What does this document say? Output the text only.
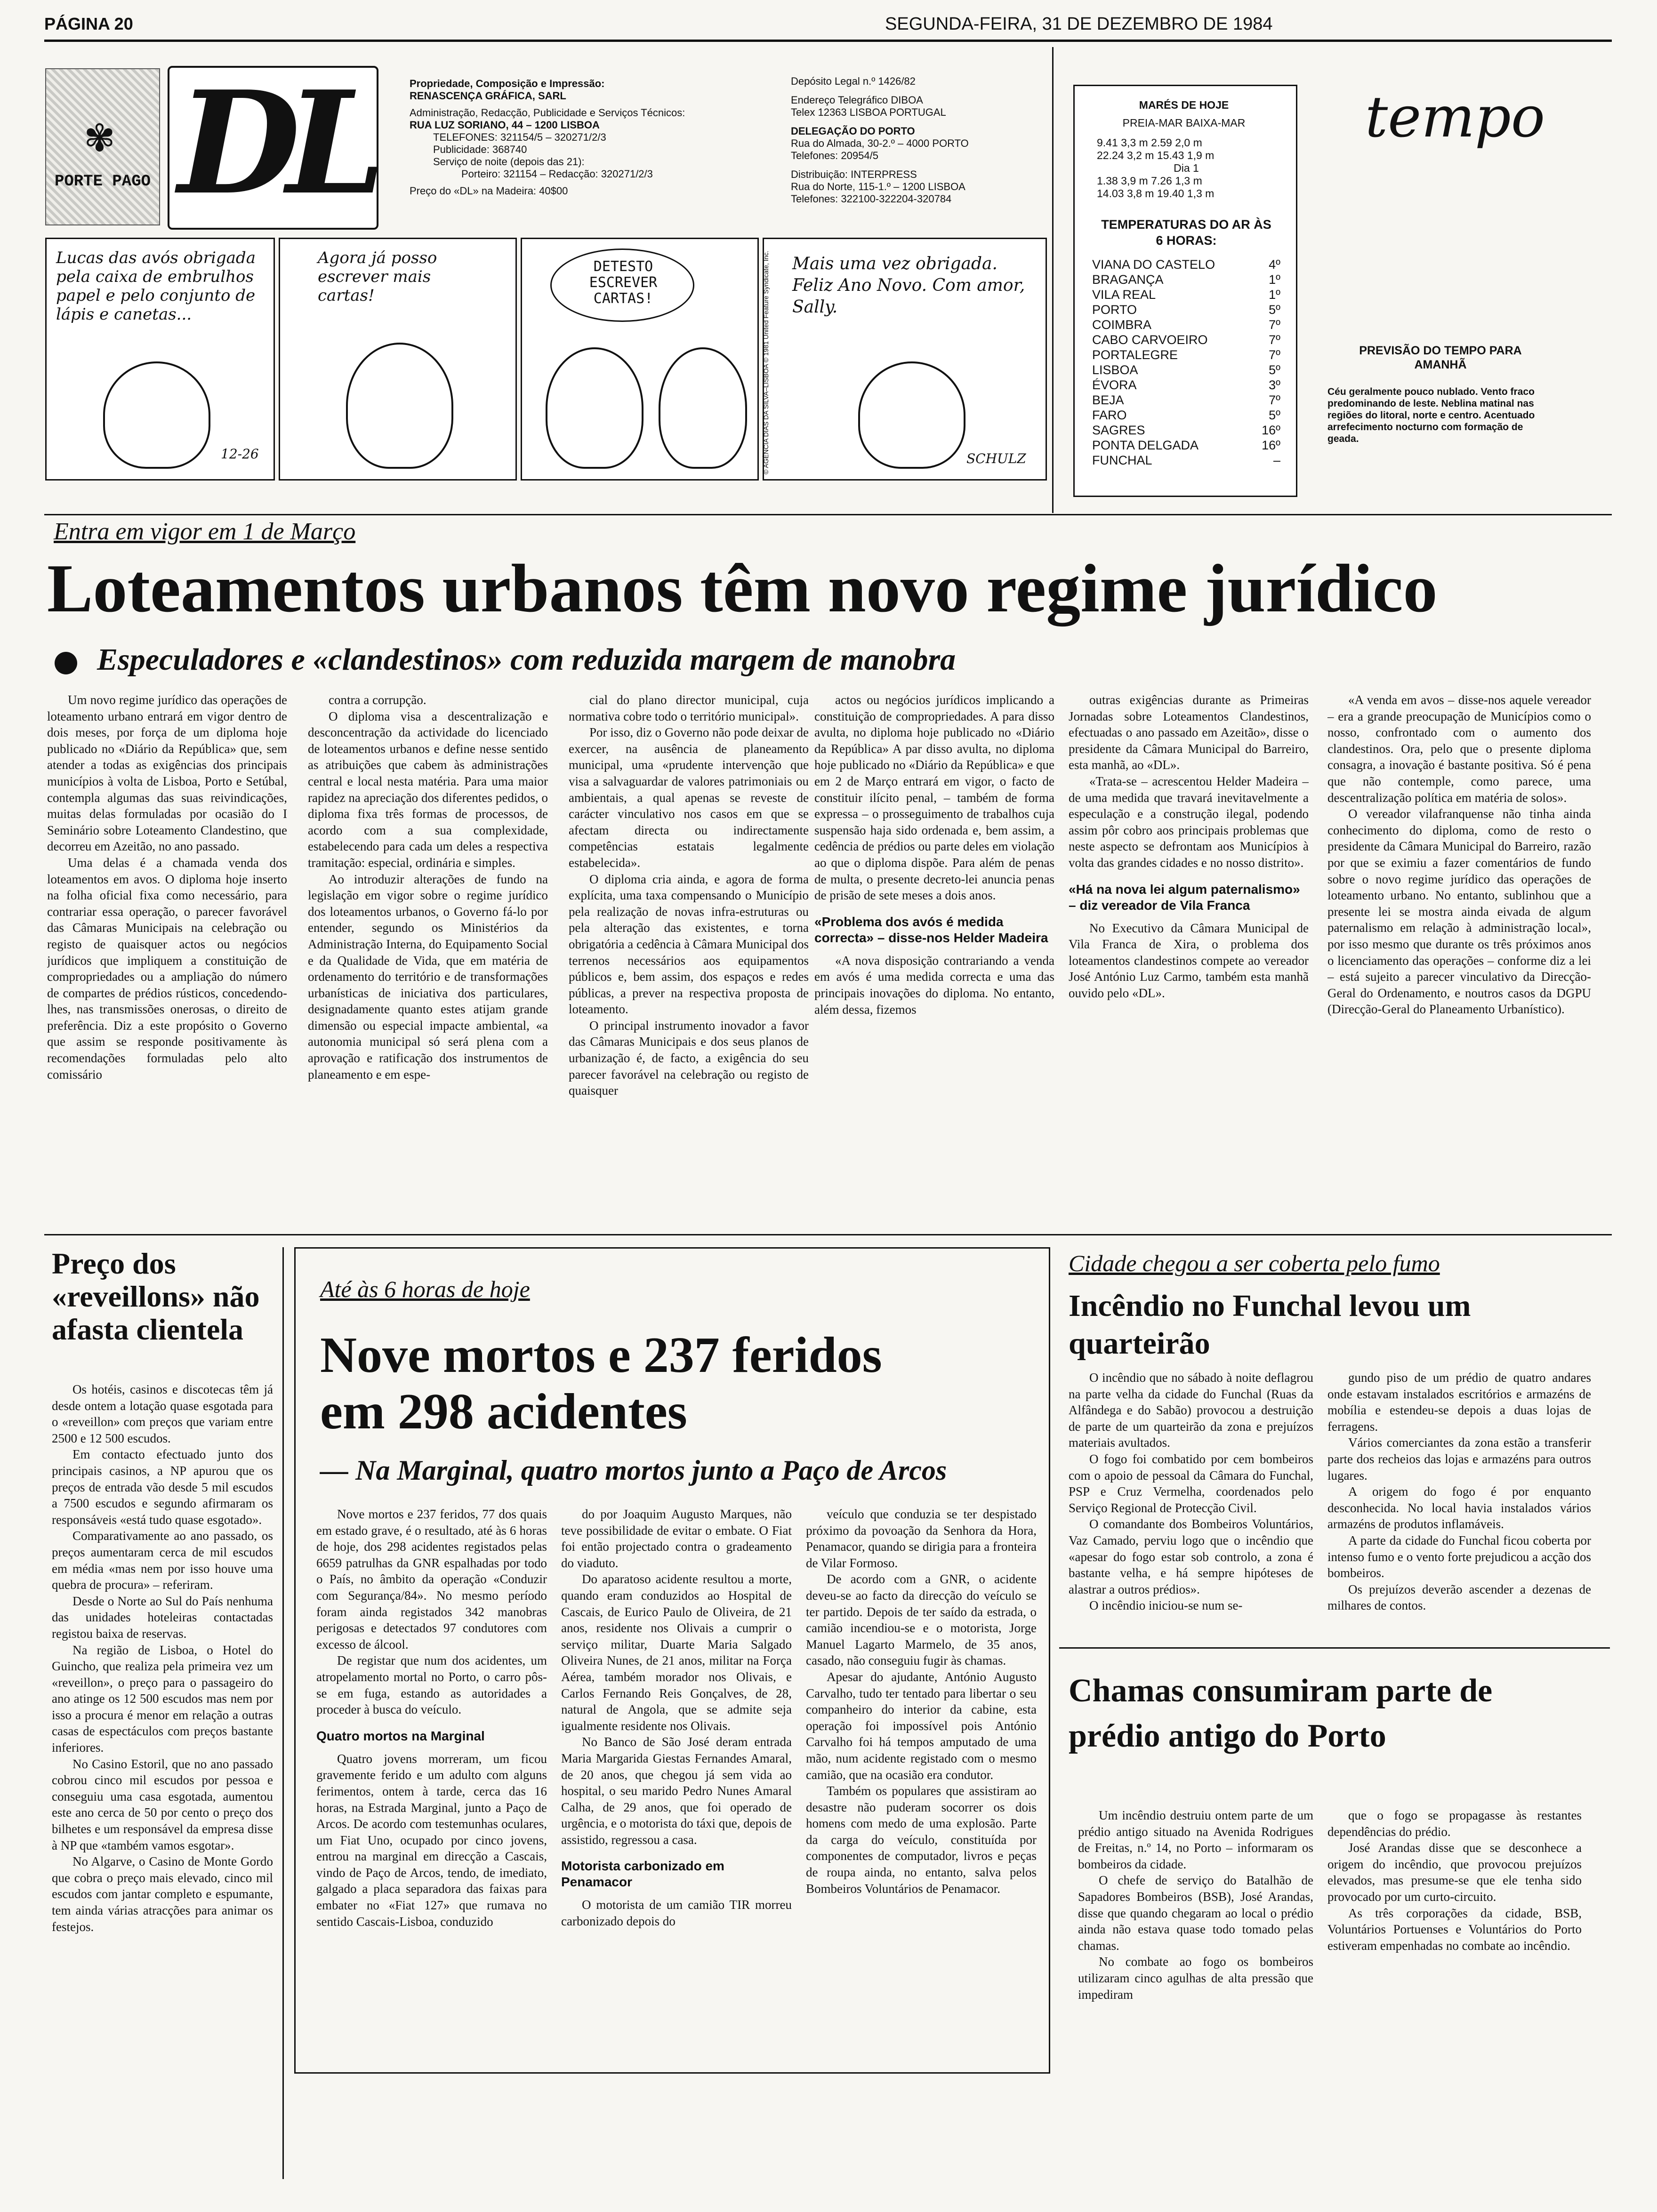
PÁGINA 20	SEGUNDA-FEIRA, 31 DE DEZEMBRO DE 1984
✾
PORTE PAGO DL	Propriedade, Composição e Impressão:
RENASCENÇA GRÁFICA, SARL
Administração, Redacção, Publicidade e Serviços Técnicos:
RUA LUZ SORIANO, 44 – 1200 LISBOA
TELEFONES: 321154/5 – 320271/2/3
Publicidade: 368740
Serviço de noite (depois das 21):
Porteiro: 321154 – Redacção: 320271/2/3
Preço do «DL» na Madeira: 40$00
Depósito Legal n.º 1426/82
Endereço Telegráfico DIBOA
Telex 12363 LISBOA PORTUGAL
DELEGAÇÃO DO PORTO
Rua do Almada, 30-2.º – 4000 PORTO
Telefones: 20954/5
Distribuição: INTERPRESS
Rua do Norte, 115-1.º – 1200 LISBOA
Telefones: 322100-322204-320784
Lucas das avós obrigada pela caixa de embrulhos papel e pelo conjunto de lápis e canetas...
12-26
Agora já posso escrever mais cartas!
DETESTO ESCREVER CARTAS!
Mais uma vez obrigada. Feliz Ano Novo. Com amor, Sally.
SCHULZ
© AGÊNCIA DIAS DA SILVA–LISBOA © 1981 United Feature Syndicate, Inc.
MARÉS DE HOJE
PREIA-MAR BAIXA-MAR
9.41 3,3 m 2.59 2,0 m
22.24 3,2 m 15.43 1,9 m
Dia 1
1.38 3,9 m 7.26 1,3 m
14.03 3,8 m 19.40 1,3 m
TEMPERATURAS DO AR ÀS 6 HORAS:
VIANA DO CASTELO	4º
BRAGANÇA	1º
VILA REAL	1º
PORTO	5º
COIMBRA	7º
CABO CARVOEIRO	7º
PORTALEGRE	7º
LISBOA	5º
ÉVORA	3º
BEJA	7º
FARO	5º
SAGRES	16º
PONTA DELGADA	16º
FUNCHAL	–
tempo
PREVISÃO DO TEMPO PARA AMANHÃ
Céu geralmente pouco nublado. Vento fraco predominando de leste. Neblina matinal nas regiões do litoral, norte e centro. Acentuado arrefecimento nocturno com formação de geada.
Entra em vigor em 1 de Março
Loteamentos urbanos têm novo regime jurídico
Especuladores e «clandestinos» com reduzida margem de manobra

Um novo regime jurídico das operações de loteamento urbano entrará em vigor dentro de dois meses, por força de um diploma hoje publicado no «Diário da República» que, sem atender a todas as exigências dos principais municípios à volta de Lisboa, Porto e Setúbal, contempla algumas das suas reivindicações, muitas delas formuladas por ocasião do I Seminário sobre Loteamento Clandestino, que decorreu em Azeitão, no ano passado.

Uma delas é a chamada venda dos loteamentos em avos. O diploma hoje inserto na folha oficial fixa como necessário, para contrariar essa operação, o parecer favorável das Câmaras Municipais na celebração ou registo de quaisquer actos ou negócios jurídicos que impliquem a constituição de compropriedades ou a ampliação do número de compartes de prédios rústicos, concedendo-lhes, nas transmissões onerosas, o direito de preferência. Diz a este propósito o Governo que assim se responde positivamente às recomendações formuladas pelo alto comissário

contra a corrupção.

O diploma visa a descentralização e desconcentração da actividade do licenciado de loteamentos urbanos e define nesse sentido as atribuições que cabem às administrações central e local nesta matéria. Para uma maior rapidez na apreciação dos diferentes pedidos, o diploma fixa três formas de processos, de acordo com a sua complexidade, estabelecendo para cada um deles a respectiva tramitação: especial, ordinária e simples.

Ao introduzir alterações de fundo na legislação em vigor sobre o regime jurídico dos loteamentos urbanos, o Governo fá-lo por entender, segundo os Ministérios da Administração Interna, do Equipamento Social e da Qualidade de Vida, que em matéria de ordenamento do território e de transformações urbanísticas de iniciativa dos particulares, designadamente quanto estes atijam grande dimensão ou especial impacte ambiental, «a autonomia municipal só será plena com a aprovação e ratificação dos instrumentos de planeamento e em espe-

cial do plano director municipal, cuja normativa cobre todo o território municipal».

Por isso, diz o Governo não pode deixar de exercer, na ausência de planeamento municipal, uma «prudente intervenção que visa a salvaguardar de valores patrimoniais ou ambientais, a qual apenas se reveste de carácter vinculativo nos casos em que se afectam directa ou indirectamente competências estatais legalmente estabelecida».

O diploma cria ainda, e agora de forma explícita, uma taxa compensando o Município pela realização de novas infra-estruturas ou pela alteração das existentes, e torna obrigatória a cedência à Câmara Municipal dos terrenos necessários aos equipamentos públicos e, bem assim, dos espaços e redes públicas, a prever na respectiva proposta de loteamento.

O principal instrumento inovador a favor das Câmaras Municipais e dos seus planos de urbanização é, de facto, a exigência do seu parecer favorável na celebração ou registo de quaisquer

actos ou negócios jurídicos implicando a constituição de compropriedades. A para disso avulta, no diploma hoje publicado no «Diário da República» A par disso avulta, no diploma hoje publicado no «Diário da República» e que em 2 de Março entrará em vigor, o facto de constituir ilícito penal, – também de forma expressa – o prosseguimento de trabalhos cuja suspensão haja sido ordenada e, bem assim, a cedência de prédios ou parte deles em violação ao que o diploma dispõe. Para além de penas de multa, o presente decreto-lei anuncia penas de prisão de sete meses a dois anos.

«Problema dos avós é medida correcta» – disse-nos Helder Madeira

«A nova disposição contrariando a venda em avós é uma medida correcta e uma das principais inovações do diploma. No entanto, além dessa, fizemos

outras exigências durante as Primeiras Jornadas sobre Loteamentos Clandestinos, efectuadas o ano passado em Azeitão», disse o presidente da Câmara Municipal do Barreiro, esta manhã, ao «DL».

«Trata-se – acrescentou Helder Madeira – de uma medida que travará inevitavelmente a especulação e a construção ilegal, podendo assim pôr cobro aos principais problemas que neste aspecto se defrontam aos Municípios à volta das grandes cidades e no nosso distrito».

«Há na nova lei algum paternalismo» – diz vereador de Vila Franca

No Executivo da Câmara Municipal de Vila Franca de Xira, o problema dos loteamentos clandestinos compete ao vereador José António Luz Carmo, também esta manhã ouvido pelo «DL».

«A venda em avos – disse-nos aquele vereador – era a grande preocupação de Municípios como o nosso, confrontado com o aumento dos clandestinos. Ora, pelo que o presente diploma consagra, a inovação é bastante positiva. Só é pena que não contemple, como parece, uma descentralização política em matéria de solos».

O vereador vilafranquense não tinha ainda conhecimento do diploma, como de resto o presidente da Câmara Municipal do Barreiro, razão por que se eximiu a fazer comentários de fundo sobre o novo regime jurídico das operações de loteamento urbano. No entanto, sublinhou que a presente lei se mostra ainda eivada de algum paternalismo em relação à administração local», por isso mesmo que durante os três próximos anos o licenciamento das operações – conforme diz a lei – está sujeito a parecer vinculativo da Direcção-Geral do Ordenamento, e noutros casos da DGPU (Direcção-Geral do Planeamento Urbanístico).

Preço dos «reveillons» não afasta clientela

Os hotéis, casinos e discotecas têm já desde ontem a lotação quase esgotada para o «reveillon» com preços que variam entre 2500 e 12 500 escudos.

Em contacto efectuado junto dos principais casinos, a NP apurou que os preços de entrada vão desde 5 mil escudos a 7500 escudos e segundo afirmaram os responsáveis «está tudo quase esgotado».

Comparativamente ao ano passado, os preços aumentaram cerca de mil escudos em média «mas nem por isso houve uma quebra de procura» – referiram.

Desde o Norte ao Sul do País nenhuma das unidades hoteleiras contactadas registou baixa de reservas.

Na região de Lisboa, o Hotel do Guincho, que realiza pela primeira vez um «reveillon», o preço para o passageiro do ano atinge os 12 500 escudos mas nem por isso a procura é menor em relação a outras casas de espectáculos com preços bastante inferiores.

No Casino Estoril, que no ano passado cobrou cinco mil escudos por pessoa e conseguiu uma casa esgotada, aumentou este ano cerca de 50 por cento o preço dos bilhetes e um responsável da empresa disse à NP que «também vamos esgotar».

No Algarve, o Casino de Monte Gordo que cobra o preço mais elevado, cinco mil escudos com jantar completo e espumante, tem ainda várias atracções para animar os festejos.

Até às 6 horas de hoje
Nove mortos e 237 feridos em 298 acidentes
— Na Marginal, quatro mortos junto a Paço de Arcos

Nove mortos e 237 feridos, 77 dos quais em estado grave, é o resultado, até às 6 horas de hoje, dos 298 acidentes registados pelas 6659 patrulhas da GNR espalhadas por todo o País, no âmbito da operação «Conduzir com Segurança/84». No mesmo período foram ainda registados 342 manobras perigosas e detectados 97 condutores com excesso de álcool.

De registar que num dos acidentes, um atropelamento mortal no Porto, o carro pôs-se em fuga, estando as autoridades a proceder à busca do veículo.

Quatro mortos na Marginal

Quatro jovens morreram, um ficou gravemente ferido e um adulto com alguns ferimentos, ontem à tarde, cerca das 16 horas, na Estrada Marginal, junto a Paço de Arcos. De acordo com testemunhas oculares, um Fiat Uno, ocupado por cinco jovens, entrou na marginal em direcção a Cascais, vindo de Paço de Arcos, tendo, de imediato, galgado a placa separadora das faixas para embater no «Fiat 127» que rumava no sentido Cascais-Lisboa, conduzido

do por Joaquim Augusto Marques, não teve possibilidade de evitar o embate. O Fiat foi então projectado contra o gradeamento do viaduto.

Do aparatoso acidente resultou a morte, quando eram conduzidos ao Hospital de Cascais, de Eurico Paulo de Oliveira, de 21 anos, residente nos Olivais a cumprir o serviço militar, Duarte Maria Salgado Oliveira Nunes, de 21 anos, militar na Força Aérea, também morador nos Olivais, e Carlos Fernando Reis Gonçalves, de 28, natural de Angola, que se admite seja igualmente residente nos Olivais.

No Banco de São José deram entrada Maria Margarida Giestas Fernandes Amaral, de 20 anos, que chegou já sem vida ao hospital, o seu marido Pedro Nunes Amaral Calha, de 29 anos, que foi operado de urgência, e o motorista do táxi que, depois de assistido, regressou a casa.

Motorista carbonizado em Penamacor

O motorista de um camião TIR morreu carbonizado depois do

veículo que conduzia se ter despistado próximo da povoação da Senhora da Hora, Penamacor, quando se dirigia para a fronteira de Vilar Formoso.

De acordo com a GNR, o acidente deveu-se ao facto da direcção do veículo se ter partido. Depois de ter saído da estrada, o camião incendiou-se e o motorista, Jorge Manuel Lagarto Marmelo, de 35 anos, casado, não conseguiu fugir às chamas.

Apesar do ajudante, António Augusto Carvalho, tudo ter tentado para libertar o seu companheiro do interior da cabine, esta operação foi impossível pois António Carvalho foi há tempos amputado de uma mão, num acidente registado com o mesmo camião, que na ocasião era condutor.

Também os populares que assistiram ao desastre não puderam socorrer os dois homens com medo de uma explosão. Parte da carga do veículo, constituída por componentes de computador, livros e peças de roupa ainda, no entanto, salva pelos Bombeiros Voluntários de Penamacor.

Cidade chegou a ser coberta pelo fumo
Incêndio no Funchal levou um quarteirão

O incêndio que no sábado à noite deflagrou na parte velha da cidade do Funchal (Ruas da Alfândega e do Sabão) provocou a destruição de parte de um quarteirão da zona e prejuízos materiais avultados.

O fogo foi combatido por cem bombeiros com o apoio de pessoal da Câmara do Funchal, PSP e Cruz Vermelha, coordenados pelo Serviço Regional de Protecção Civil.

O comandante dos Bombeiros Voluntários, Vaz Camado, perviu logo que o incêndio que «apesar do fogo estar sob controlo, a zona é bastante velha, e há sempre hipóteses de alastrar a outros prédios».

O incêndio iniciou-se num se-

gundo piso de um prédio de quatro andares onde estavam instalados escritórios e armazéns de mobília e estendeu-se depois a duas lojas de ferragens.

Vários comerciantes da zona estão a transferir parte dos recheios das lojas e armazéns para outros lugares.

A origem do fogo é por enquanto desconhecida. No local havia instalados vários armazéns de produtos inflamáveis.

A parte da cidade do Funchal ficou coberta por intenso fumo e o vento forte prejudicou a acção dos bombeiros.

Os prejuízos deverão ascender a dezenas de milhares de contos.

Chamas consumiram parte de prédio antigo do Porto

Um incêndio destruiu ontem parte de um prédio antigo situado na Avenida Rodrigues de Freitas, n.º 14, no Porto – informaram os bombeiros da cidade.

O chefe de serviço do Batalhão de Sapadores Bombeiros (BSB), José Arandas, disse que quando chegaram ao local o prédio ainda não estava quase todo tomado pelas chamas.

No combate ao fogo os bombeiros utilizaram cinco agulhas de alta pressão que impediram

que o fogo se propagasse às restantes dependências do prédio.

José Arandas disse que se desconhece a origem do incêndio, que provocou prejuízos elevados, mas presume-se que ele tenha sido provocado por um curto-circuito.

As três corporações da cidade, BSB, Voluntários Portuenses e Voluntários do Porto estiveram empenhadas no combate ao incêndio.
